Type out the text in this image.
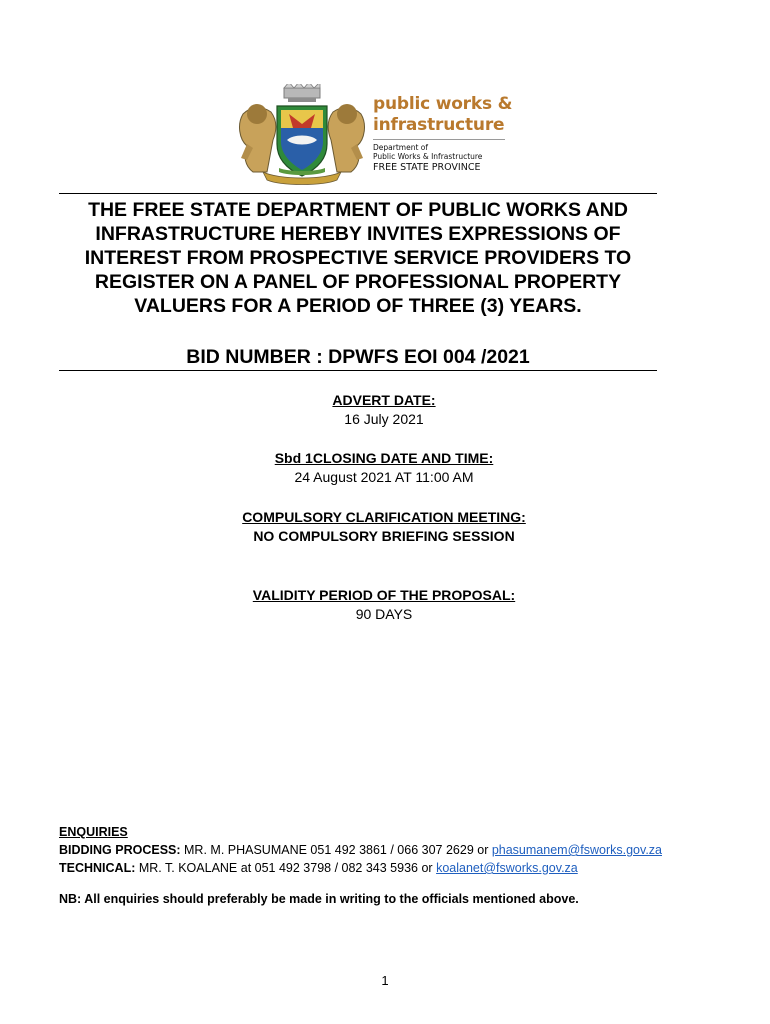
public works &
infrastructure
Department of
Public Works & Infrastructure
FREE STATE PROVINCE
THE FREE STATE DEPARTMENT OF PUBLIC WORKS AND
INFRASTRUCTURE HEREBY INVITES EXPRESSIONS OF
INTEREST FROM PROSPECTIVE SERVICE PROVIDERS TO
REGISTER ON A PANEL OF PROFESSIONAL PROPERTY
VALUERS FOR A PERIOD OF THREE (3) YEARS.
BID NUMBER : DPWFS EOI 004 /2021
ADVERT DATE:
16 July 2021
Sbd 1CLOSING DATE AND TIME:
24 August 2021 AT 11:00 AM
COMPULSORY CLARIFICATION MEETING:
NO COMPULSORY BRIEFING SESSION
VALIDITY PERIOD OF THE PROPOSAL:
90 DAYS
ENQUIRIES
BIDDING PROCESS: MR. M. PHASUMANE 051 492 3861 / 066 307 2629 or phasumanem@fsworks.gov.za
TECHNICAL: MR. T. KOALANE at 051 492 3798 / 082 343 5936 or koalanet@fsworks.gov.za
NB: All enquiries should preferably be made in writing to the officials mentioned above.
1
